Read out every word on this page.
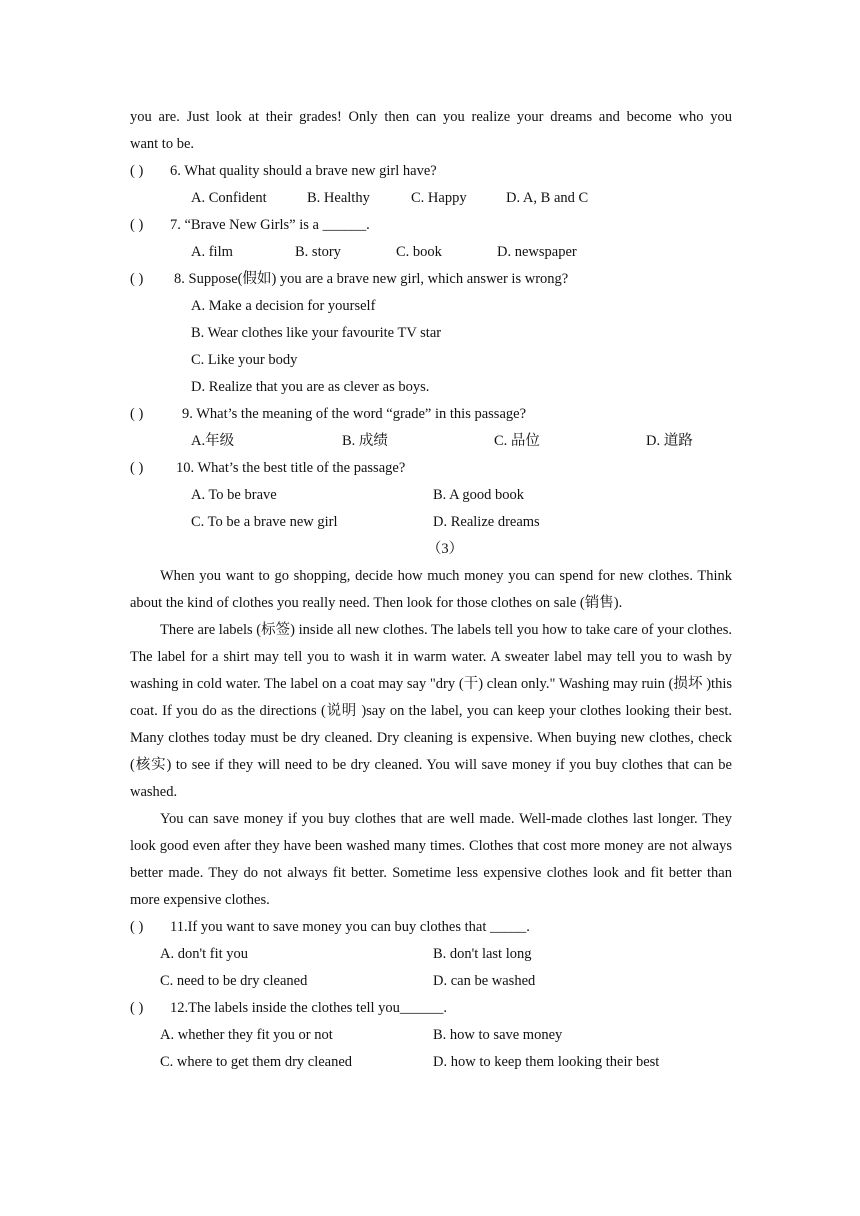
you are. Just look at their grades! Only then can you realize your dreams and become who you

want to be.

( )	6. What quality should a brave new girl have?
A. Confident	B. Healthy	C. Happy	D. A, B and C
( )	7. “Brave New Girls” is a ______.
A. film	B. story	C. book	D. newspaper
( )	8. Suppose(假如) you are a brave new girl, which answer is wrong?
A. Make a decision for yourself
B. Wear clothes like your favourite TV star
C. Like your body
D. Realize that you are as clever as boys.
( )	9. What’s the meaning of the word “grade” in this passage?
A.年级	B. 成绩	C. 品位	D. 道路
( )	10. What’s the best title of the passage?
A. To be brave	B. A good book
C. To be a brave new girl	D. Realize dreams
（3）

When you want to go shopping, decide how much money you can spend for new clothes. Think about the kind of clothes you really need. Then look for those clothes on sale (销售).

There are labels (标签) inside all new clothes. The labels tell you how to take care of your clothes. The label for a shirt may tell you to wash it in warm water. A sweater label may tell you to wash by washing in cold water. The label on a coat may say "dry (干) clean only." Washing may ruin (损坏 )this coat. If you do as the directions (说明 )say on the label, you can keep your clothes looking their best. Many clothes today must be dry cleaned. Dry cleaning is expensive. When buying new clothes, check (核实) to see if they will need to be dry cleaned. You will save money if you buy clothes that can be washed.

You can save money if you buy clothes that are well made. Well-made clothes last longer. They look good even after they have been washed many times. Clothes that cost more money are not always better made. They do not always fit better. Sometime less expensive clothes look and fit better than more expensive clothes.

( )	11.If you want to save money you can buy clothes that _____.
A. don't fit you	B. don't last long
C. need to be dry cleaned	D. can be washed
( )	12.The labels inside the clothes tell you______.
A. whether they fit you or not	B. how to save money
C. where to get them dry cleaned	D. how to keep them looking their best
